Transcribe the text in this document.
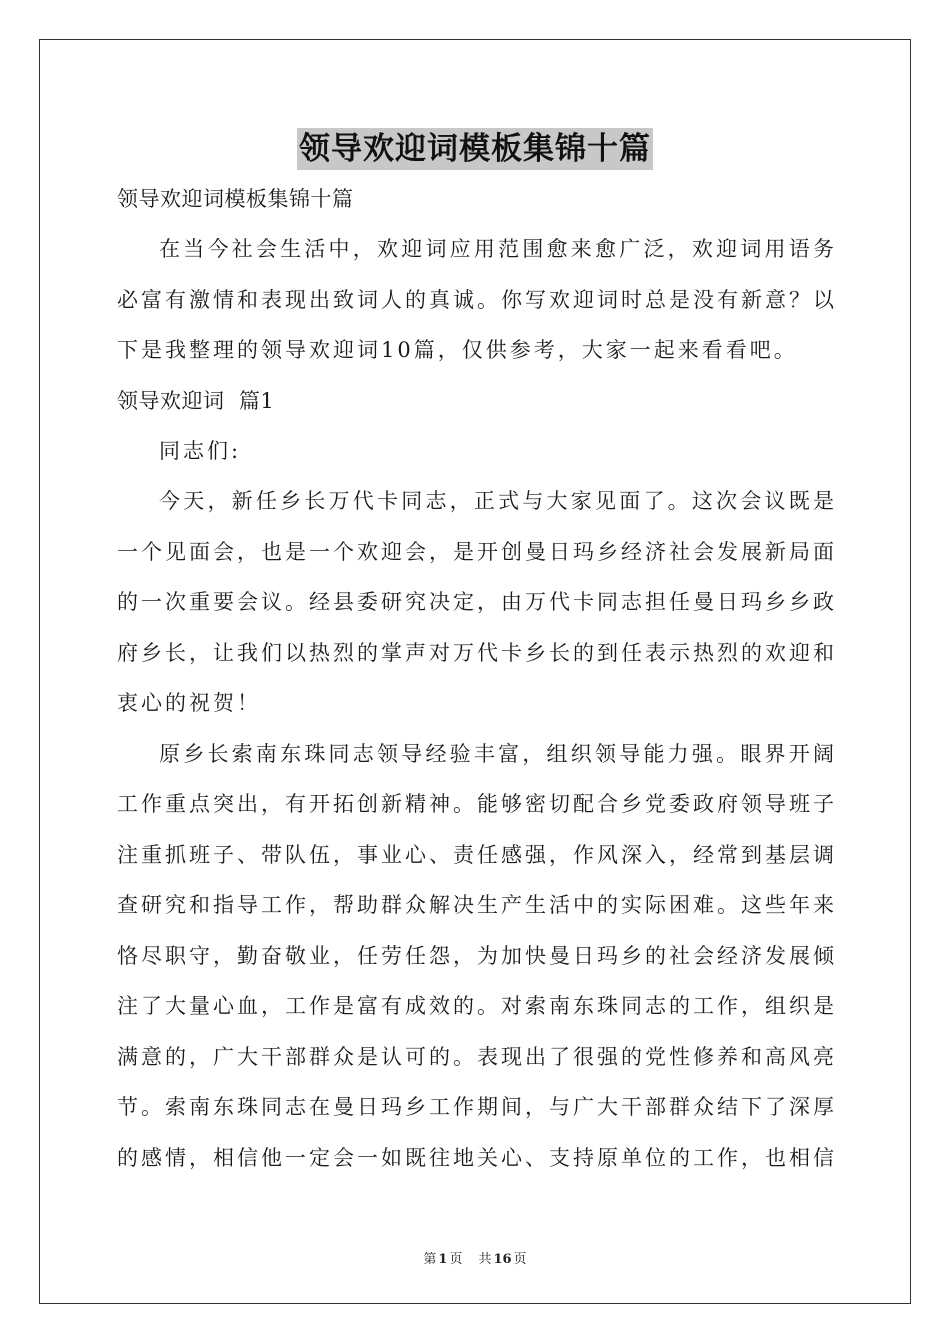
领导欢迎词模板集锦十篇
领导欢迎词模板集锦十篇

在当今社会生活中，欢迎词应用范围愈来愈广泛，欢迎词用语务必富有激情和表现出致词人的真诚。你写欢迎词时总是没有新意？以下是我整理的领导欢迎词10篇，仅供参考，大家一起来看看吧。

领导欢迎词  篇1

同志们:

今天，新任乡长万代卡同志，正式与大家见面了。这次会议既是一个见面会，也是一个欢迎会，是开创曼日玛乡经济社会发展新局面的一次重要会议。经县委研究决定，由万代卡同志担任曼日玛乡乡政府乡长，让我们以热烈的掌声对万代卡乡长的到任表示热烈的欢迎和衷心的祝贺！

原乡长索南东珠同志领导经验丰富，组织领导能力强。眼界开阔工作重点突出，有开拓创新精神。能够密切配合乡党委政府领导班子注重抓班子、带队伍，事业心、责任感强，作风深入，经常到基层调查研究和指导工作，帮助群众解决生产生活中的实际困难。这些年来恪尽职守，勤奋敬业，任劳任怨，为加快曼日玛乡的社会经济发展倾注了大量心血，工作是富有成效的。对索南东珠同志的工作，组织是满意的，广大干部群众是认可的。表现出了很强的党性修养和高风亮节。索南东珠同志在曼日玛乡工作期间，与广大干部群众结下了深厚的感情，相信他一定会一如既往地关心、支持原单位的工作，也相信

第 1 页 共 16 页
